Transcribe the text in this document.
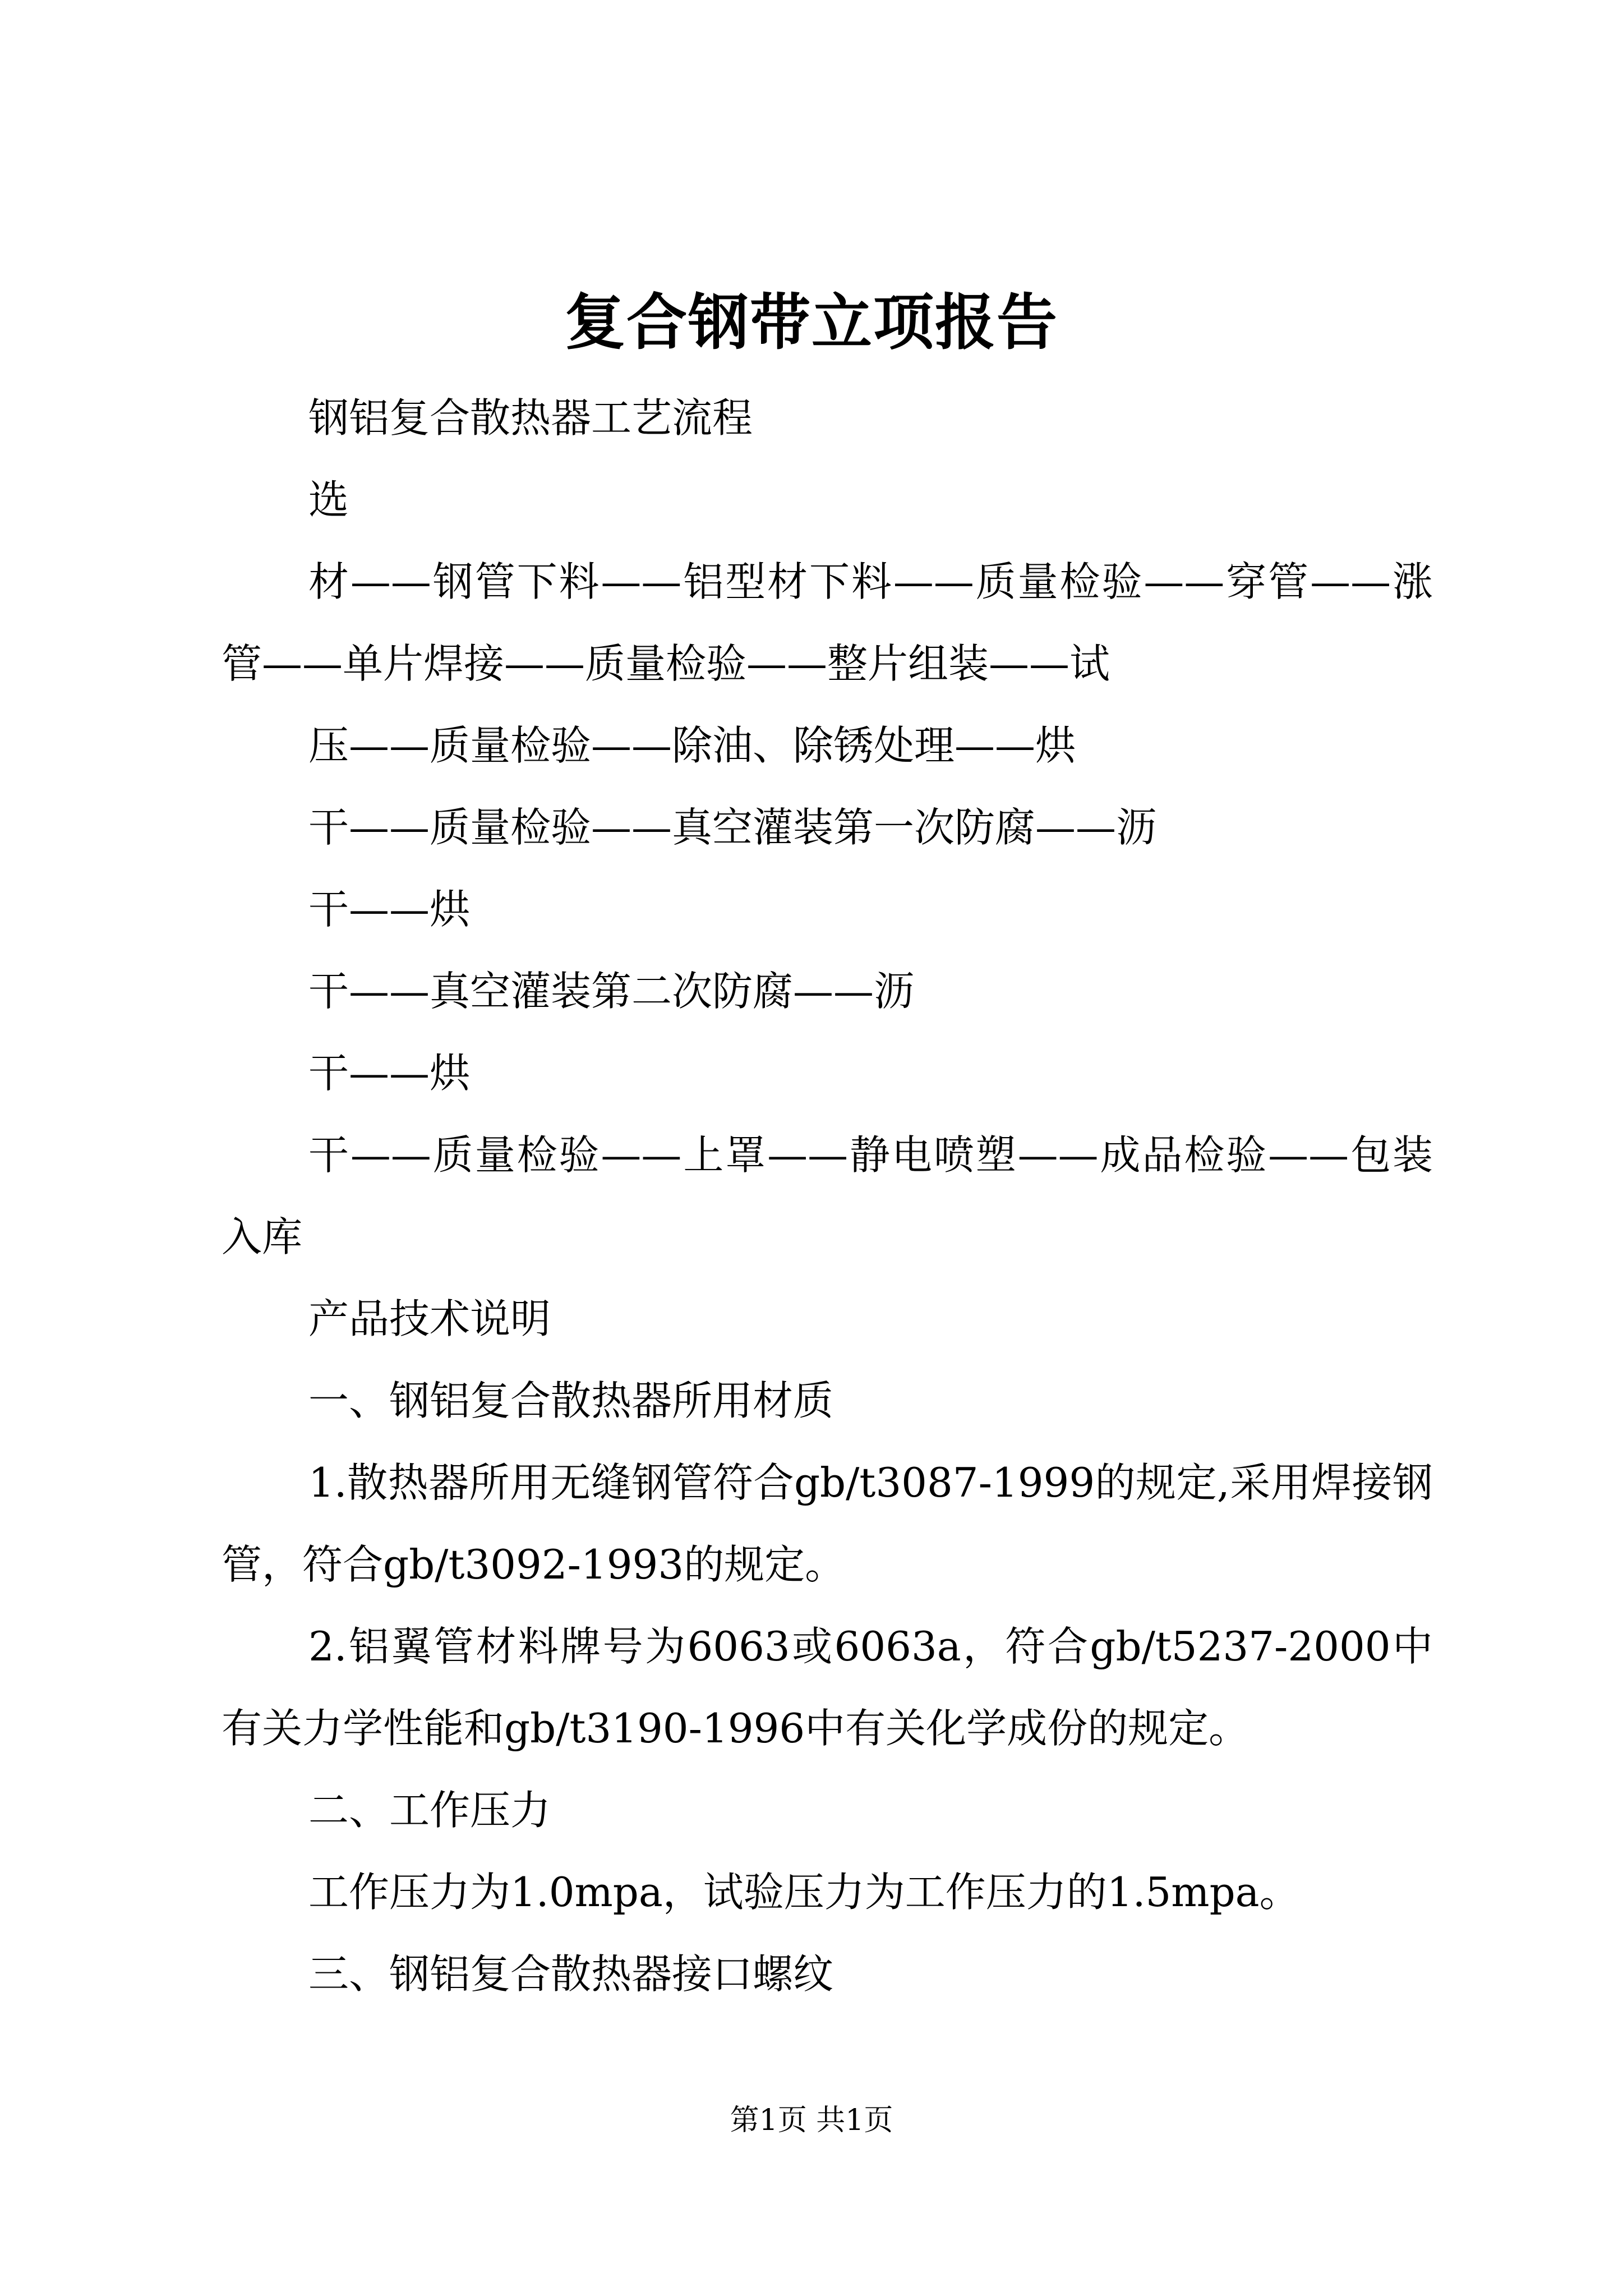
复合钢带立项报告

钢铝复合散热器工艺流程

选

材——钢管下料——铝型材下料——质量检验——穿管——涨管——单片焊接——质量检验——整片组装——试

压——质量检验——除油、除锈处理——烘

干——质量检验——真空灌装第一次防腐——沥

干——烘

干——真空灌装第二次防腐——沥

干——烘

干——质量检验——上罩——静电喷塑——成品检验——包装入库

产品技术说明

一、钢铝复合散热器所用材质

1.散热器所用无缝钢管符合gb/t3087-1999的规定,采用焊接钢管，符合gb/t3092-1993的规定。

2.铝翼管材料牌号为6063或6063a，符合gb/t5237-2000中有关力学性能和gb/t3190-1996中有关化学成份的规定。

二、工作压力

工作压力为1.0mpa，试验压力为工作压力的1.5mpa。

三、钢铝复合散热器接口螺纹

第1页 共1页
